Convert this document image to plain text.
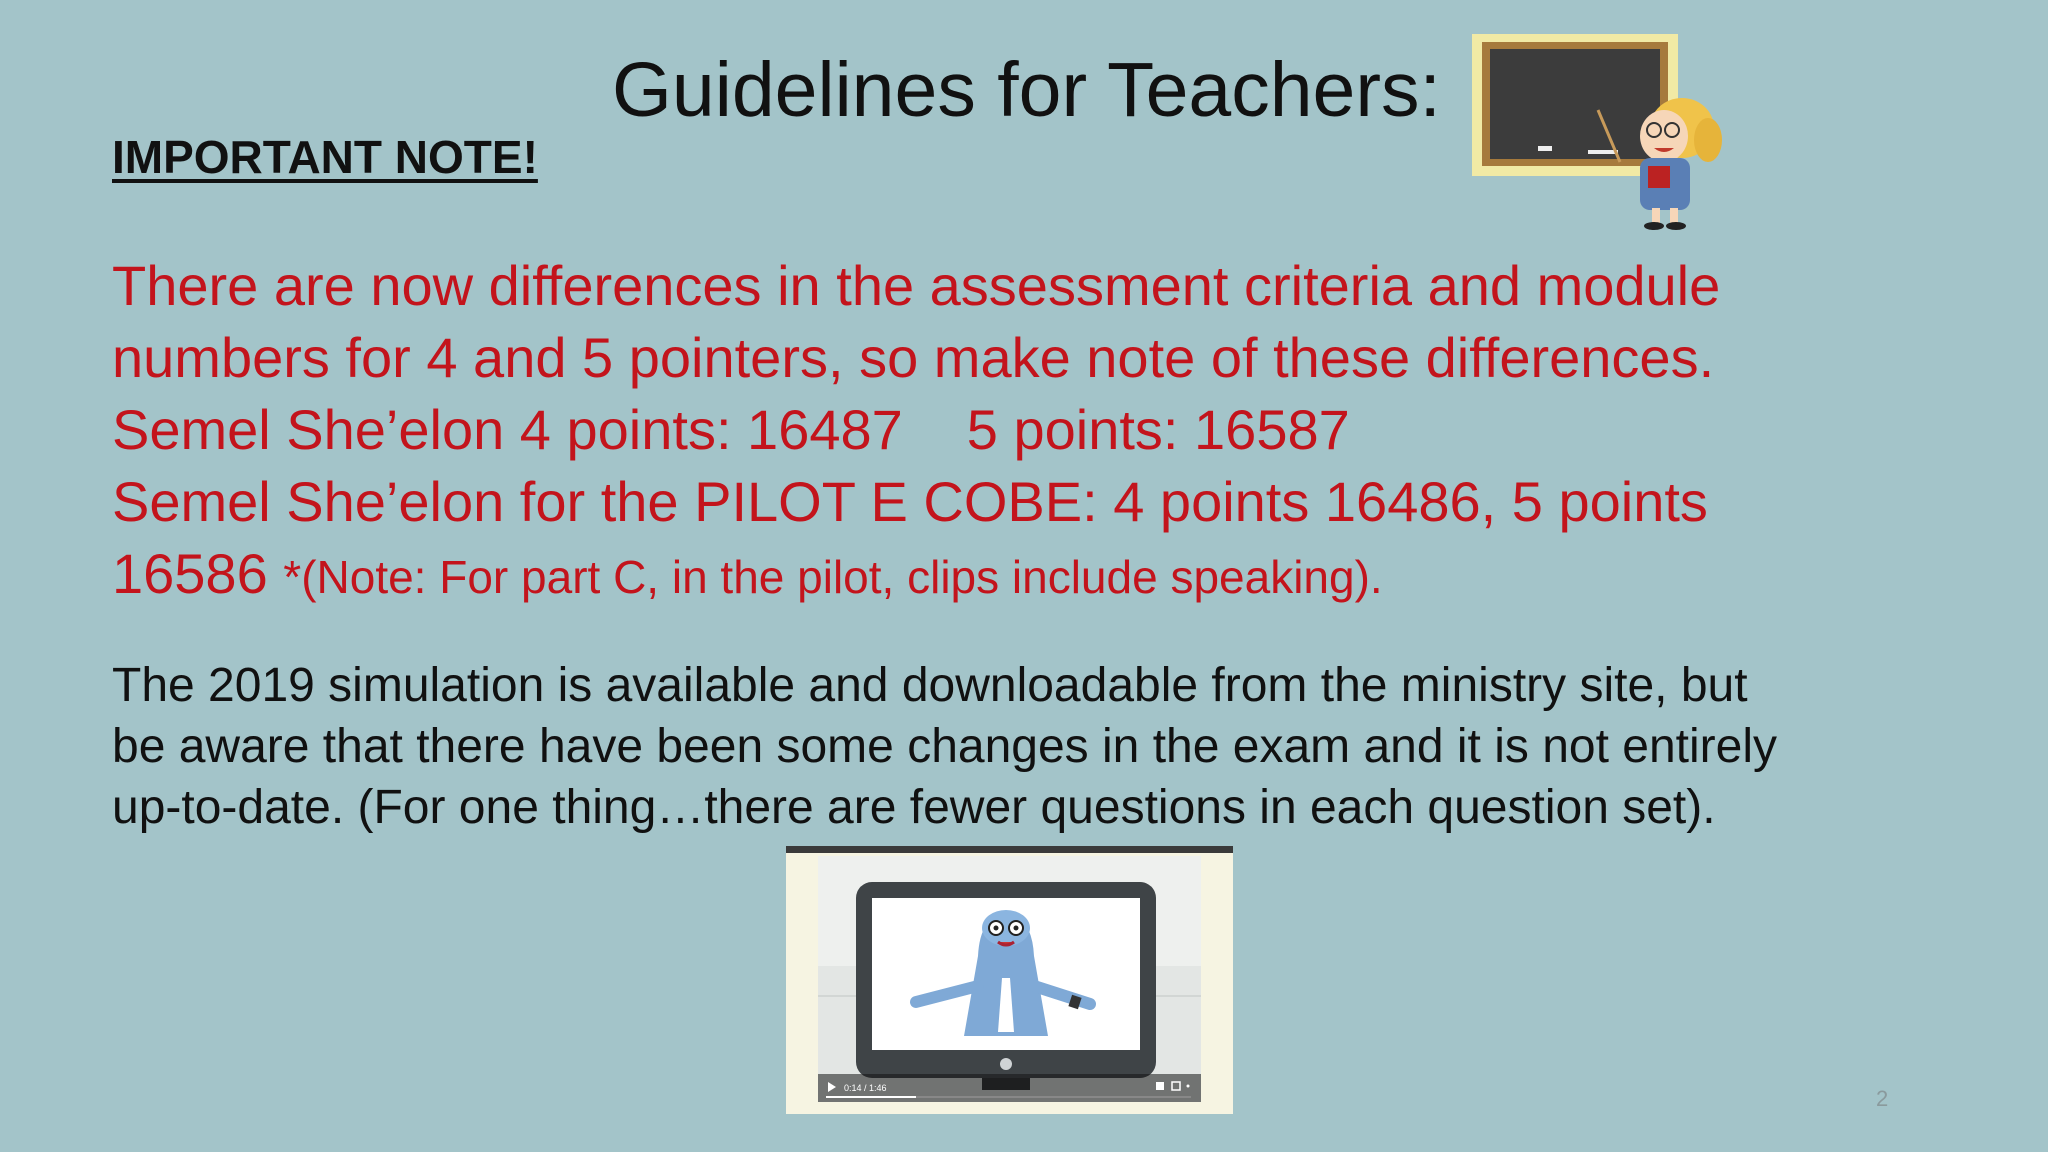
Guidelines for Teachers:
IMPORTANT NOTE!
There are now differences in the assessment criteria and module
numbers for 4 and 5 pointers, so make note of these differences.
Semel She’elon 4 points: 16487 5 points: 16587
Semel She’elon for the PILOT E COBE: 4 points 16486, 5 points
16586 *(Note: For part C, in the pilot, clips include speaking).
The 2019 simulation is available and downloadable from the ministry site, but
be aware that there have been some changes in the exam and it is not entirely
up-to-date. (For one thing…there are fewer questions in each question set).
0:14 / 1:46	2
